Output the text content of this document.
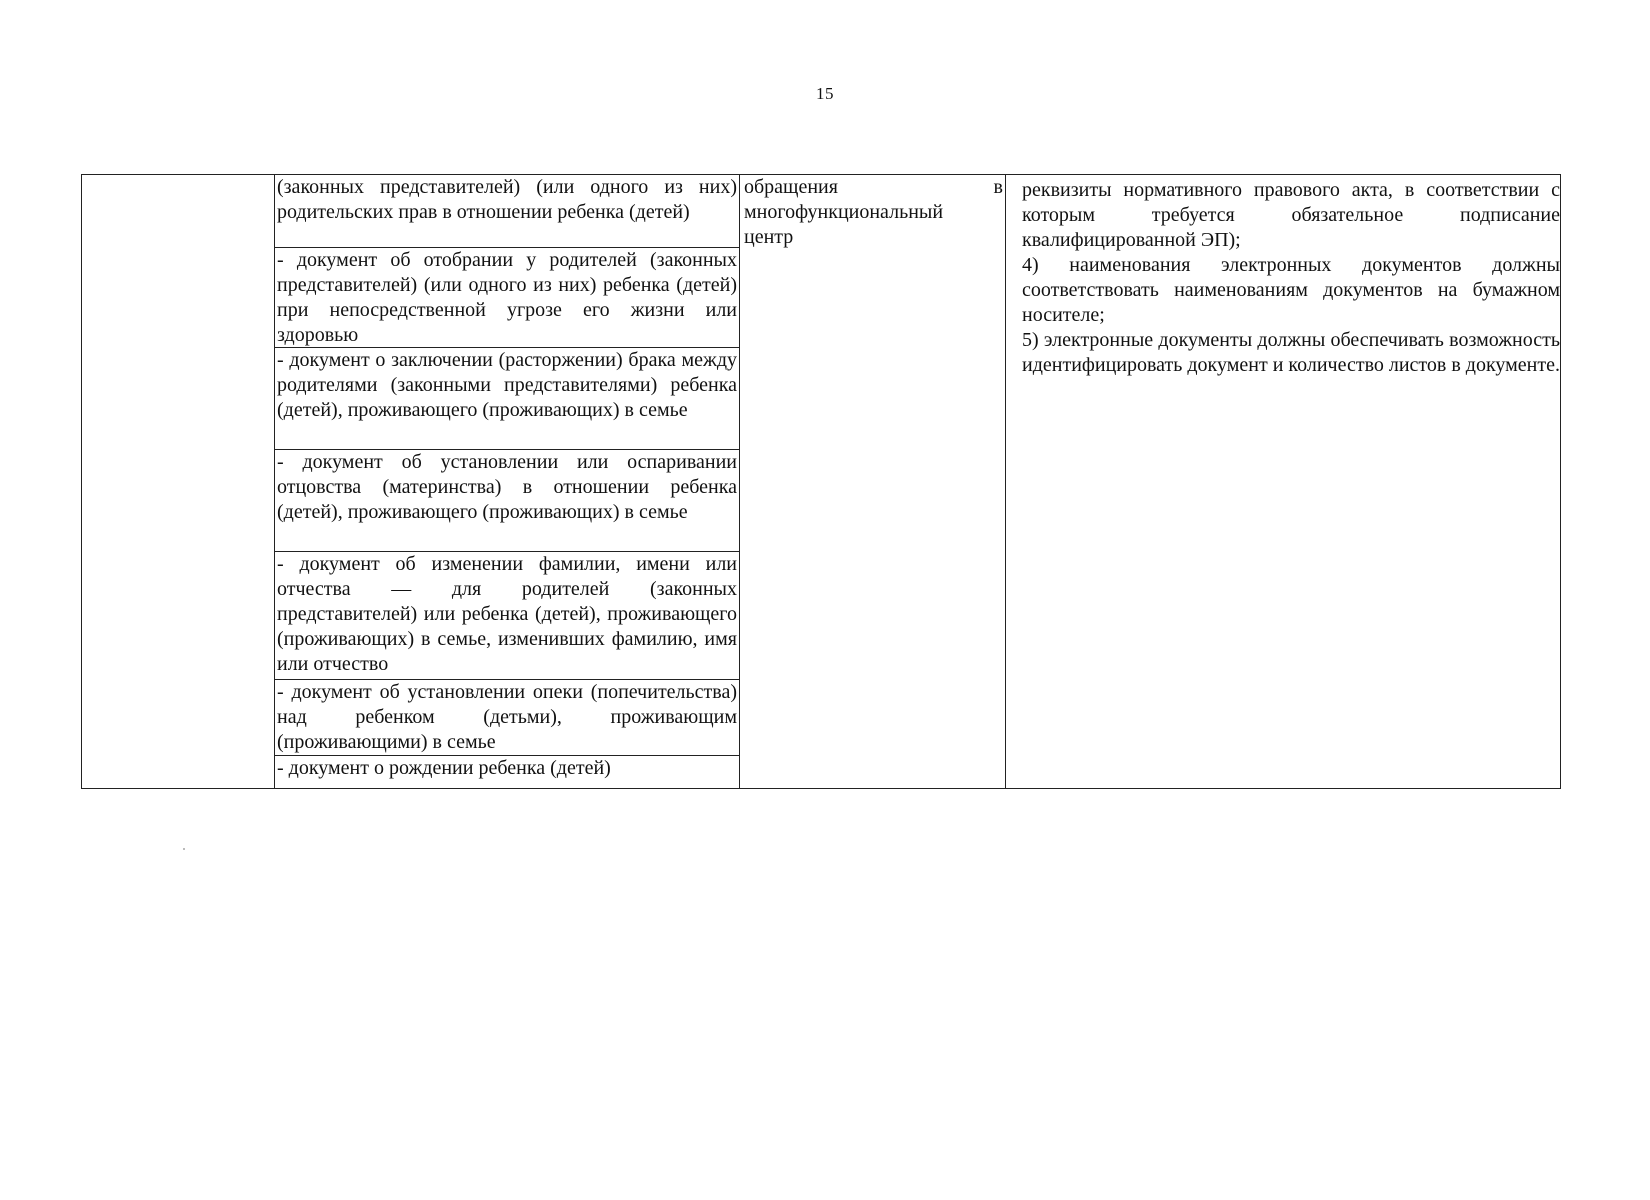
15
(законных представителей) (или одного из них) родительских прав в отношении ребенка (детей)
- документ об отобрании у родителей (законных представителей) (или одного из них) ребенка (детей) при непосредственной угрозе его жизни или здоровью
- документ о заключении (расторжении) брака между родителями (законными представителями) ребенка (детей), проживающего (проживающих) в семье
- документ об установлении или оспаривании отцовства (материнства) в отношении ребенка (детей), проживающего (проживающих) в семье
- документ об изменении фамилии, имени или отчества — для родителей (законных представителей) или ребенка (детей), проживающего (проживающих) в семье, изменивших фамилию, имя или отчество
- документ об установлении опеки (попечительства) над ребенком (детьми), проживающим (проживающими) в семье
- документ о рождении ребенка (детей)
обращения	в
многофункциональный
центр

реквизиты нормативного правового акта, в соответствии с которым требуется обязательное подписание квалифицированной ЭП);

4) наименования электронных документов должны соответствовать наименованиям документов на бумажном носителе;

5) электронные документы должны обеспечивать возможность идентифицировать документ и количество листов в документе.
